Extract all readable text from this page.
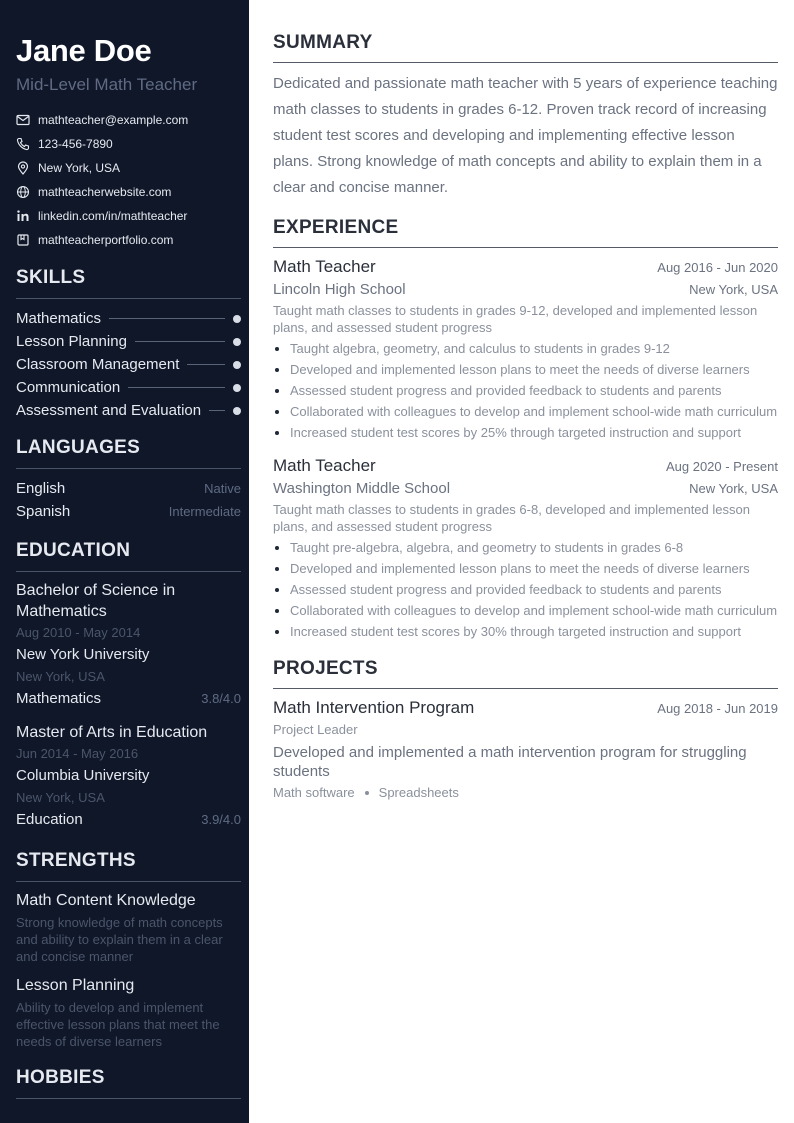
Jane Doe
Mid-Level Math Teacher
mathteacher@example.com
123-456-7890
New York, USA
mathteacherwebsite.com
linkedin.com/in/mathteacher
mathteacherportfolio.com
SKILLS
Mathematics
Lesson Planning
Classroom Management
Communication
Assessment and Evaluation
LANGUAGES
English	Native
Spanish	Intermediate
EDUCATION
Bachelor of Science in Mathematics
Aug 2010 - May 2014
New York University
New York, USA
Mathematics	3.8/4.0
Master of Arts in Education
Jun 2014 - May 2016
Columbia University
New York, USA
Education	3.9/4.0
STRENGTHS
Math Content Knowledge
Strong knowledge of math concepts and ability to explain them in a clear and concise manner
Lesson Planning
Ability to develop and implement effective lesson plans that meet the needs of diverse learners
HOBBIES
SUMMARY

Dedicated and passionate math teacher with 5 years of experience teaching math classes to students in grades 6-12. Proven track record of increasing student test scores and developing and implementing effective lesson plans. Strong knowledge of math concepts and ability to explain them in a clear and concise manner.

EXPERIENCE
Math Teacher	Aug 2016 - Jun 2020
Lincoln High School	New York, USA
Taught math classes to students in grades 9-12, developed and implemented lesson plans, and assessed student progress
Taught algebra, geometry, and calculus to students in grades 9-12
Developed and implemented lesson plans to meet the needs of diverse learners
Assessed student progress and provided feedback to students and parents
Collaborated with colleagues to develop and implement school-wide math curriculum
Increased student test scores by 25% through targeted instruction and support
Math Teacher	Aug 2020 - Present
Washington Middle School	New York, USA
Taught math classes to students in grades 6-8, developed and implemented lesson plans, and assessed student progress
Taught pre-algebra, algebra, and geometry to students in grades 6-8
Developed and implemented lesson plans to meet the needs of diverse learners
Assessed student progress and provided feedback to students and parents
Collaborated with colleagues to develop and implement school-wide math curriculum
Increased student test scores by 30% through targeted instruction and support
PROJECTS
Math Intervention Program	Aug 2018 - Jun 2019
Project Leader
Developed and implemented a math intervention program for struggling students
Math software Spreadsheets
